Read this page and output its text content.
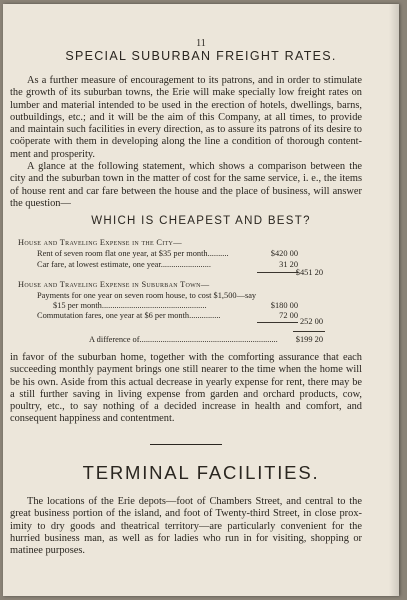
11
SPECIAL SUBURBAN FREIGHT RATES.

As a further measure of encouragement to its patrons, and in order to stimulate the growth of its suburban towns, the Erie will make specially low freight rates on lumber and material intended to be used in the erection of hotels, dwellings, barns, outbuildings, etc.; and it will be the aim of this Company, at all times, to provide and maintain such facilities in every direction, as to assure its patrons of its desire to coöperate with them in developing along the line a condition of thorough content-ment and prosperity.

A glance at the following statement, which shows a comparison between the city and the suburban town in the matter of cost for the same service, i. e., the items of house rent and car fare between the house and the place of business, will answer the question—

WHICH IS CHEAPEST AND BEST?
House and Traveling Expense in the City—
Rent of seven room flat one year, at $35 per month..........	$420 00
Car fare, at lowest estimate, one year........................	31 20
$451 20
House and Traveling Expense in Suburban Town—
Payments for one year on seven room house, to cost $1,500—say
$15 per month..................................................	$180 00
Commutation fares, one year at $6 per month...............	72 00
252 00
A difference of..................................................................	$199 20

in favor of the suburban home, together with the comforting assurance that each succeeding monthly payment brings one still nearer to the time when the home will be his own. Aside from this actual decrease in yearly expense for rent, there may be a still further saving in living expense from garden and orchard products, cow, poultry, etc., to say nothing of a decided increase in health and comfort, and consequent happiness and contentment.

TERMINAL FACILITIES.

The locations of the Erie depots—foot of Chambers Street, and central to the great business portion of the island, and foot of Twenty-third Street, in close prox-imity to dry goods and theatrical territory—are particularly convenient for the hurried business man, as well as for ladies who run in for visiting, shopping or matinee purposes.
